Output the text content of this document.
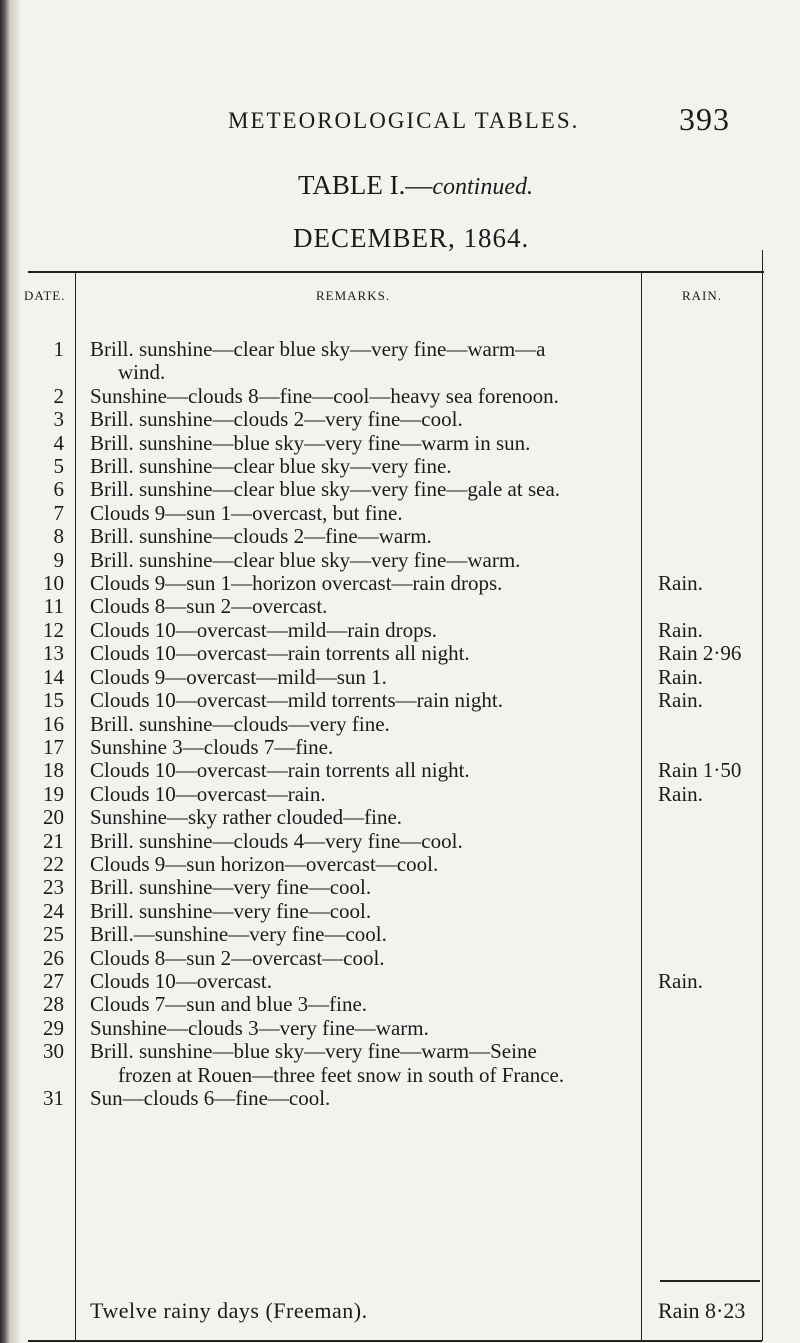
METEOROLOGICAL TABLES.	393
TABLE I.—continued.
DECEMBER, 1864.
DATE.	REMARKS.	RAIN.
1 Brill. sunshine—clear blue sky—very fine—warm—a
wind.
2 Sunshine—clouds 8—fine—cool—heavy sea forenoon.
3 Brill. sunshine—clouds 2—very fine—cool.
4 Brill. sunshine—blue sky—very fine—warm in sun.
5 Brill. sunshine—clear blue sky—very fine.
6 Brill. sunshine—clear blue sky—very fine—gale at sea.
7 Clouds 9—sun 1—overcast, but fine.
8 Brill. sunshine—clouds 2—fine—warm.
9 Brill. sunshine—clear blue sky—very fine—warm.
10 Clouds 9—sun 1—horizon overcast—rain drops.	Rain.
11 Clouds 8—sun 2—overcast.
12 Clouds 10—overcast—mild—rain drops.	Rain.
13 Clouds 10—overcast—rain torrents all night.	Rain 2·96
14 Clouds 9—overcast—mild—sun 1.	Rain.
15 Clouds 10—overcast—mild torrents—rain night.	Rain.
16 Brill. sunshine—clouds—very fine.
17 Sunshine 3—clouds 7—fine.
18 Clouds 10—overcast—rain torrents all night.	Rain 1·50
19 Clouds 10—overcast—rain.	Rain.
20 Sunshine—sky rather clouded—fine.
21 Brill. sunshine—clouds 4—very fine—cool.
22 Clouds 9—sun horizon—overcast—cool.
23 Brill. sunshine—very fine—cool.
24 Brill. sunshine—very fine—cool.
25 Brill.—sunshine—very fine—cool.
26 Clouds 8—sun 2—overcast—cool.
27 Clouds 10—overcast.	Rain.
28 Clouds 7—sun and blue 3—fine.
29 Sunshine—clouds 3—very fine—warm.
30 Brill. sunshine—blue sky—very fine—warm—Seine
frozen at Rouen—three feet snow in south of France.
31 Sun—clouds 6—fine—cool.
Twelve rainy days (Freeman).	Rain 8·23
